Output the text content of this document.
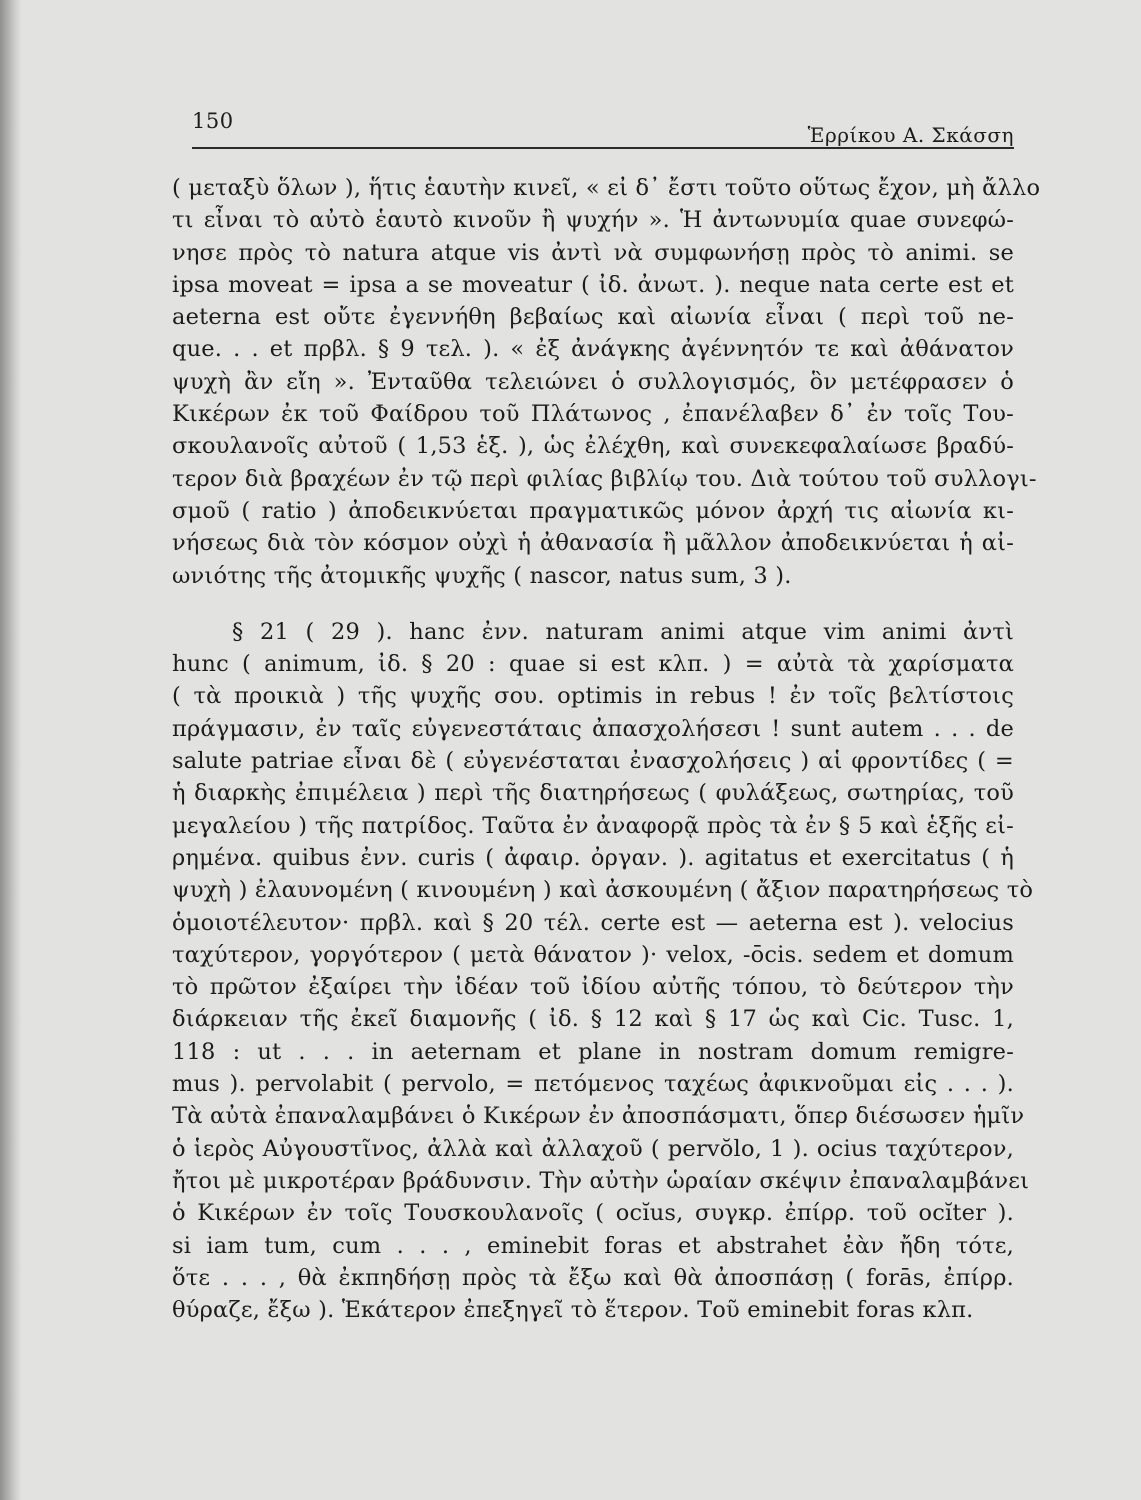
150
Ἑρρίκου Α. Σκάσση
( μεταξὺ ὅλων ), ἥτις ἑαυτὴν κινεῖ, « εἰ δ᾽ ἔστι τοῦτο οὕτως ἔχον, μὴ ἄλλο
τι εἶναι τὸ αὐτὸ ἑαυτὸ κινοῦν ἢ ψυχήν ». Ἡ ἀντωνυμία quae συνεφώ-
νησε πρὸς τὸ natura atque vis ἀντὶ νὰ συμφωνήσῃ πρὸς τὸ animi. se
ipsa moveat = ipsa a se moveatur ( ἰδ. ἀνωτ. ). neque nata certe est et
aeterna est οὔτε ἐγεννήθη βεβαίως καὶ αἰωνία εἶναι ( περὶ τοῦ ne-
que. . . et πρβλ. § 9 τελ. ). « ἐξ ἀνάγκης ἀγέννητόν τε καὶ ἀθάνατον
ψυχὴ ἂν εἴη ». Ἐνταῦθα τελειώνει ὁ συλλογισμός, ὃν μετέφρασεν ὁ
Κικέρων ἐκ τοῦ Φαίδρου τοῦ Πλάτωνος , ἐπανέλαβεν δ᾽ ἐν τοῖς Του-
σκουλανοῖς αὐτοῦ ( 1,53 ἑξ. ), ὡς ἐλέχθη, καὶ συνεκεφαλαίωσε βραδύ-
τερον διὰ βραχέων ἐν τῷ περὶ φιλίας βιβλίῳ του. Διὰ τούτου τοῦ συλλογι-
σμοῦ ( ratio ) ἀποδεικνύεται πραγματικῶς μόνον ἀρχή τις αἰωνία κι-
νήσεως διὰ τὸν κόσμον οὐχὶ ἡ ἀθανασία ἢ μᾶλλον ἀποδεικνύεται ἡ αἰ-
ωνιότης τῆς ἀτομικῆς ψυχῆς ( nascor, natus sum, 3 ).
§ 21 ( 29 ). hanc ἐνν. naturam animi atque vim animi ἀντὶ
hunc ( animum, ἰδ. § 20 : quae si est κλπ. ) = αὐτὰ τὰ χαρίσματα
( τὰ προικιὰ ) τῆς ψυχῆς σου. optimis in rebus ! ἐν τοῖς βελτίστοις
πράγμασιν, ἐν ταῖς εὐγενεστάταις ἀπασχολήσεσι ! sunt autem . . . de
salute patriae εἶναι δὲ ( εὐγενέσταται ἐνασχολήσεις ) αἱ φροντίδες ( =
ἡ διαρκὴς ἐπιμέλεια ) περὶ τῆς διατηρήσεως ( φυλάξεως, σωτηρίας, τοῦ
μεγαλείου ) τῆς πατρίδος. Ταῦτα ἐν ἀναφορᾷ πρὸς τὰ ἐν § 5 καὶ ἑξῆς εἰ-
ρημένα. quibus ἐνν. curis ( ἀφαιρ. ὀργαν. ). agitatus et exercitatus ( ἡ
ψυχὴ ) ἐλαυνομένη ( κινουμένη ) καὶ ἀσκουμένη ( ἄξιον παρατηρήσεως τὸ
ὁμοιοτέλευτον· πρβλ. καὶ § 20 τέλ. certe est — aeterna est ). velocius
ταχύτερον, γοργότερον ( μετὰ θάνατον )· velox, -ōcis. sedem et domum
τὸ πρῶτον ἐξαίρει τὴν ἰδέαν τοῦ ἰδίου αὐτῆς τόπου, τὸ δεύτερον τὴν
διάρκειαν τῆς ἐκεῖ διαμονῆς ( ἰδ. § 12 καὶ § 17 ὡς καὶ Cic. Tusc. 1,
118 : ut . . . in aeternam et plane in nostram domum remigre-
mus ). pervolabit ( pervolo, = πετόμενος ταχέως ἀφικνοῦμαι εἰς . . . ).
Τὰ αὐτὰ ἐπαναλαμβάνει ὁ Κικέρων ἐν ἀποσπάσματι, ὅπερ διέσωσεν ἡμῖν
ὁ ἱερὸς Αὐγουστῖνος, ἀλλὰ καὶ ἀλλαχοῦ ( pervŏlo, 1 ). ocius ταχύτερον,
ἤτοι μὲ μικροτέραν βράδυνσιν. Τὴν αὐτὴν ὡραίαν σκέψιν ἐπαναλαμβάνει
ὁ Κικέρων ἐν τοῖς Τουσκουλανοῖς ( ocĭus, συγκρ. ἐπίρρ. τοῦ ocĭter ).
si iam tum, cum . . . , eminebit foras et abstrahet ἐὰν ἤδη τότε,
ὅτε . . . , θὰ ἐκπηδήσῃ πρὸς τὰ ἔξω καὶ θὰ ἀποσπάσῃ ( forās, ἐπίρρ.
θύραζε, ἔξω ). Ἑκάτερον ἐπεξηγεῖ τὸ ἕτερον. Τοῦ eminebit foras κλπ.
